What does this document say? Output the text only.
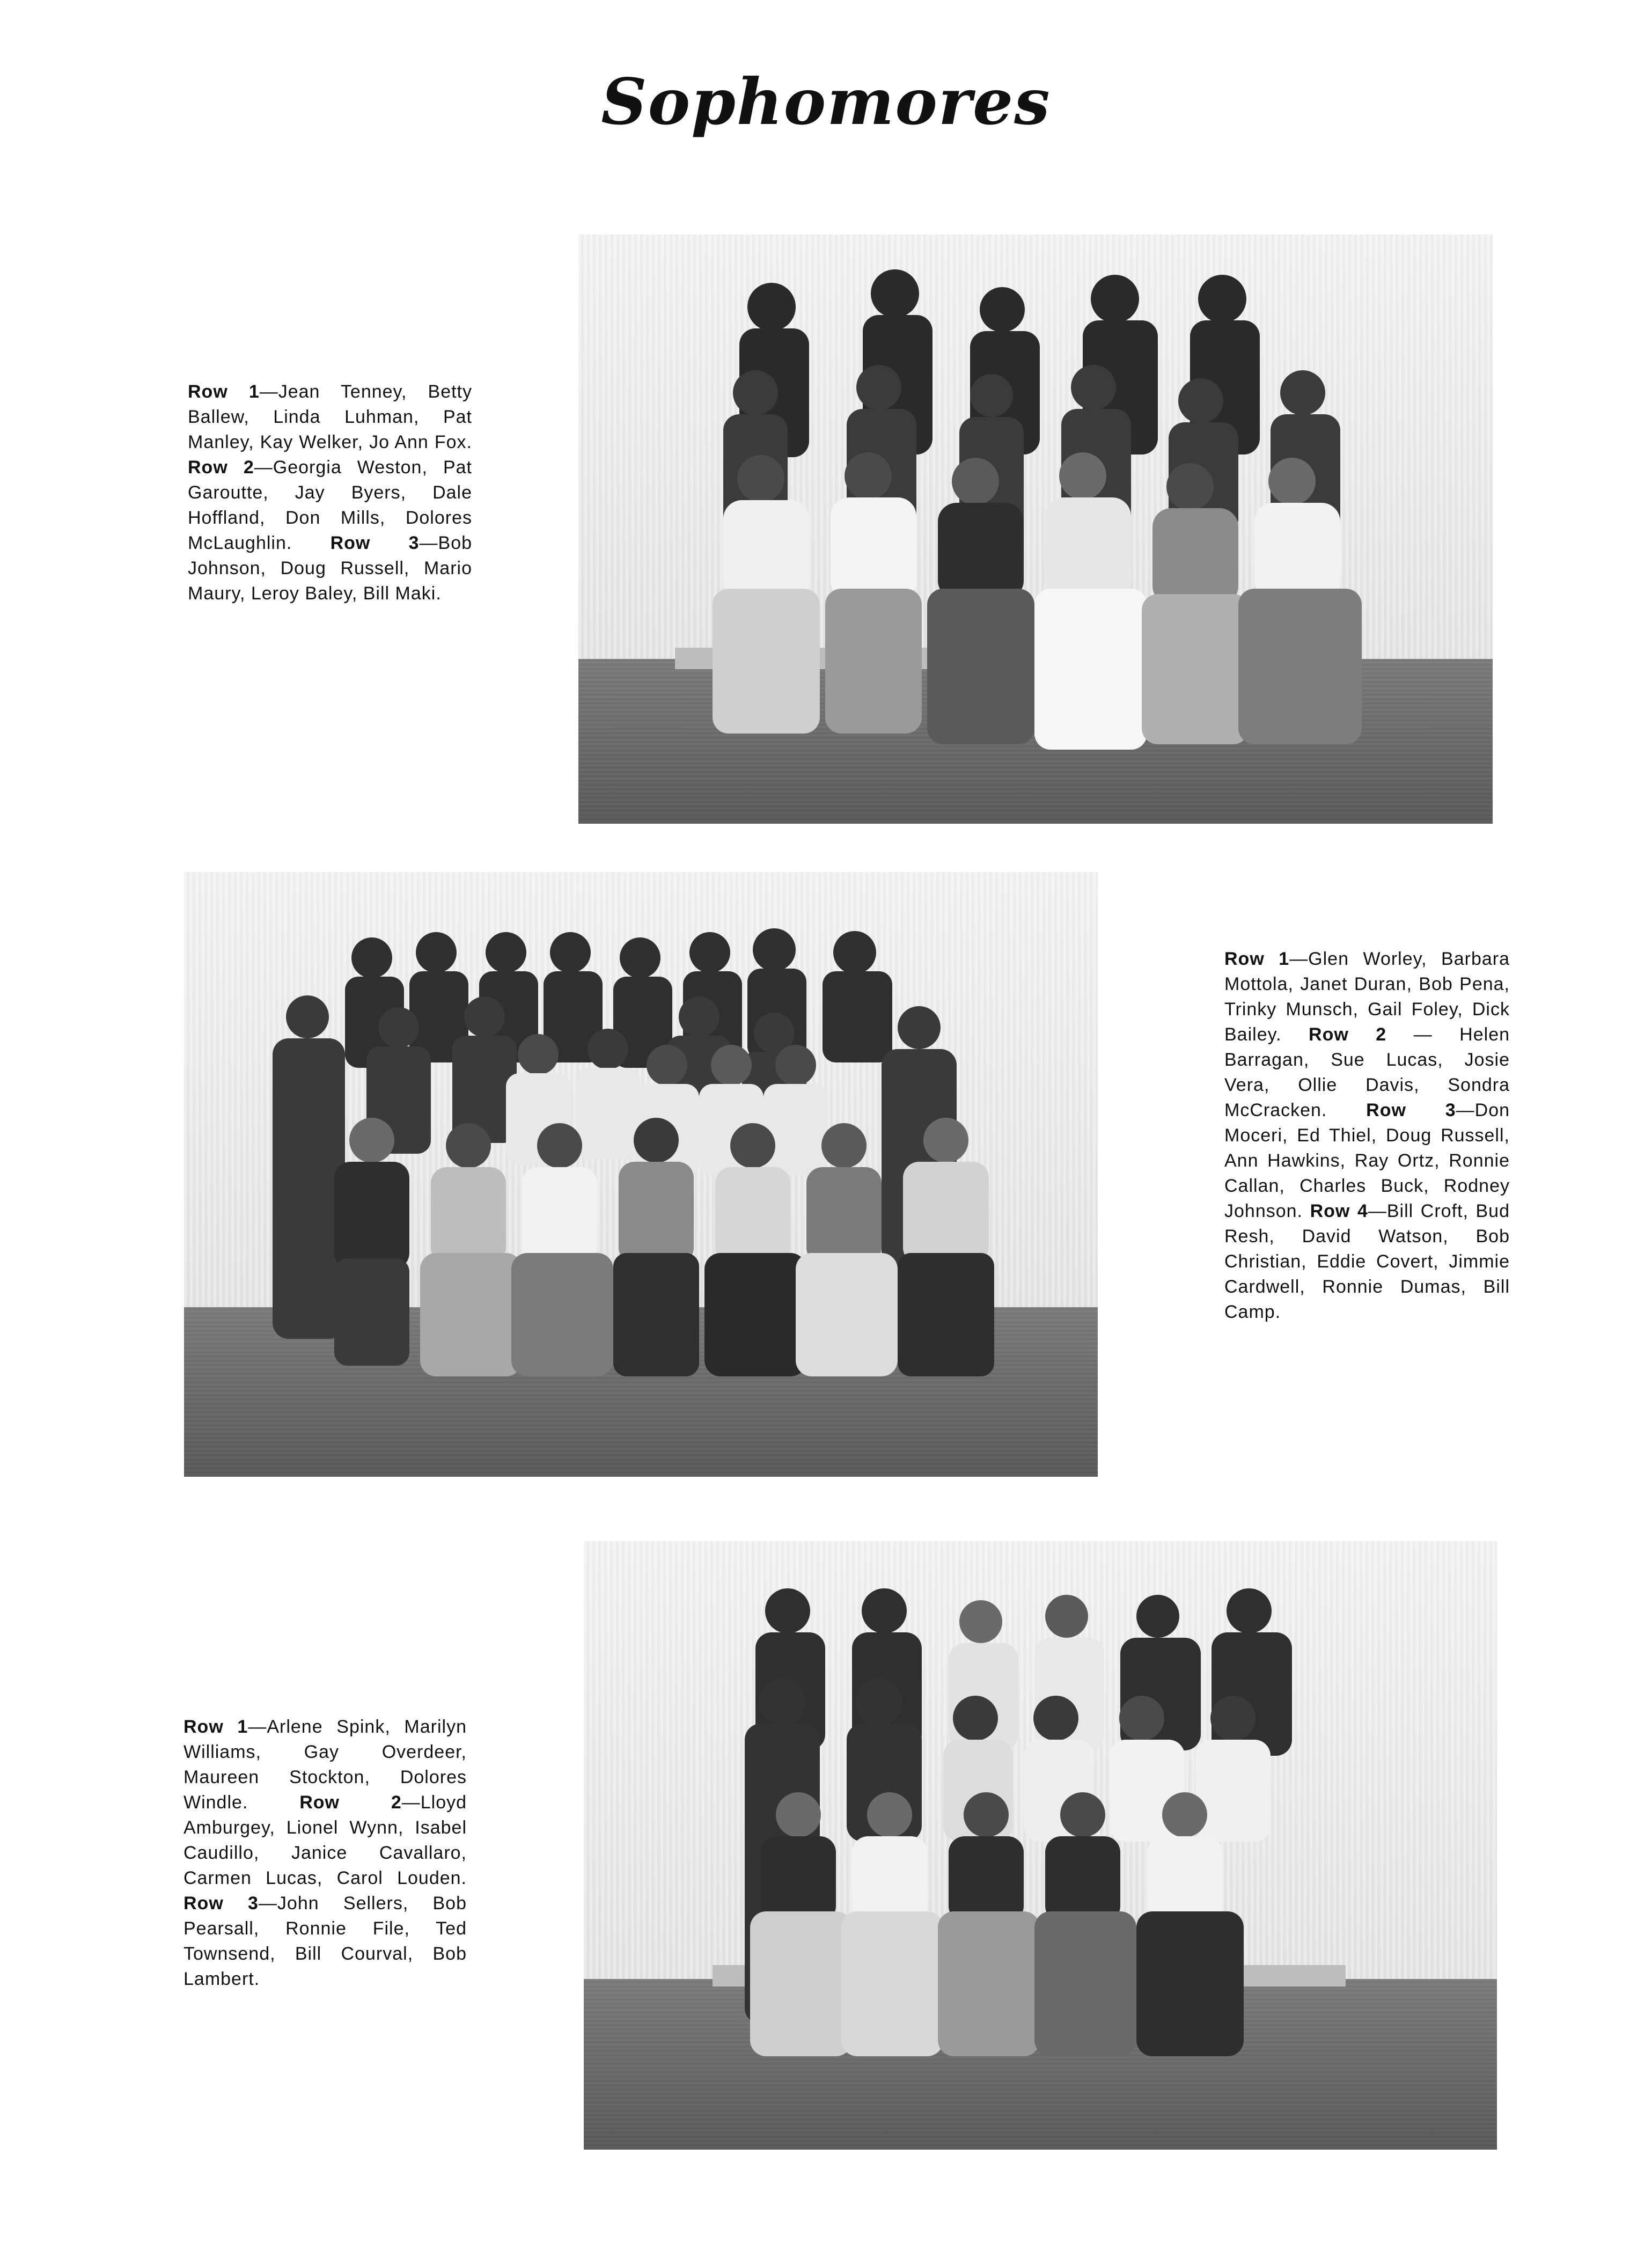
Sophomores
Row 1—Jean Tenney, Betty Ballew, Linda Luhman, Pat Manley, Kay Welker, Jo Ann Fox. Row 2—Georgia Weston, Pat Garoutte, Jay Byers, Dale Hoffland, Don Mills, Dolores McLaughlin. Row 3—Bob Johnson, Doug Russell, Mario Maury, Leroy Baley, Bill Maki.
Row 1—Glen Worley, Barbara Mottola, Janet Duran, Bob Pena, Trinky Munsch, Gail Foley, Dick Bailey. Row 2 — Helen Barragan, Sue Lucas, Josie Vera, Ollie Davis, Sondra McCracken. Row 3—Don Moceri, Ed Thiel, Doug Russell, Ann Hawkins, Ray Ortz, Ronnie Callan, Charles Buck, Rodney Johnson. Row 4—Bill Croft, Bud Resh, David Watson, Bob Christian, Eddie Covert, Jimmie Cardwell, Ronnie Dumas, Bill Camp.
Row 1—Arlene Spink, Marilyn Williams, Gay Overdeer, Maureen Stockton, Dolores Windle.	Row 2—Lloyd Amburgey, Lionel Wynn, Isabel Caudillo, Janice Cavallaro, Carmen Lucas, Carol Louden. Row 3—John Sellers, Bob Pearsall, Ronnie File, Ted Townsend, Bill Courval, Bob Lambert.
